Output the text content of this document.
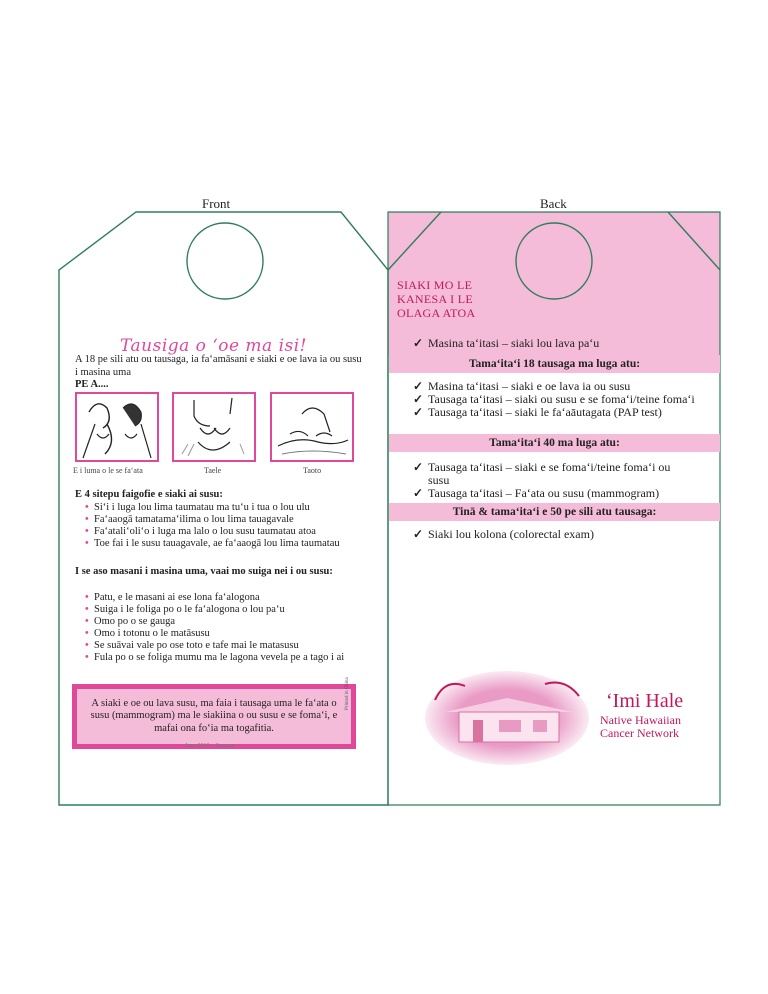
Front	Back
Tausiga o ‘oe ma isi!
A 18 pe sili atu ou tausaga, ia fa‘amāsani e siaki e oe lava ia ou susu i masina uma
PE A....
E i luma o le se fa‘ata	Taele	Taoto
E 4 sitepu faigofie e siaki ai susu:
• Si‘i i luga lou lima taumatau ma tu‘u i tua o lou ulu
• Fa‘aaogā tamatama‘ilima o lou lima tauagavale
• Fa‘atali‘oli‘o i luga ma lalo o lou susu taumatau atoa
• Toe fai i le susu tauagavale, ae fa‘aaogā lou lima taumatau
I se aso masani i masina uma, vaai mo suiga nei i ou susu:
• Patu, e le masani ai ese lona fa‘alogona
• Suiga i le foliga po o le fa‘alogona o lou pa‘u
• Omo po o se gauga
• Omo i totonu o le matāsusu
• Se suāvai vale po ose toto e tafe mai le matasusu
• Fula po o se foliga mumu ma le lagona vevela pe a tago i ai
A siaki e oe ou lava susu, ma faia i tausaga uma le fa‘ata o susu (mammogram) ma le siakiina o ou susu e se foma‘i, e mafai ona fo‘ia ma togafitia.
June 2010 – Samoan
Printed in China
SIAKI MO LE KANESA I LE OLAGA ATOA
✓ Masina ta‘itasi – siaki lou lava pa‘u
Tama‘ita‘i 18 tausaga ma luga atu:
✓ Masina ta‘itasi – siaki e oe lava ia ou susu
✓ Tausaga ta‘itasi – siaki ou susu e se foma‘i/teine foma‘i
✓ Tausaga ta‘itasi – siaki le fa‘aāutagata (PAP test)
Tama‘ita‘i 40 ma luga atu:
✓ Tausaga ta‘itasi – siaki e se foma‘i/teine foma‘i ou susu
✓ Tausaga ta‘itasi – Fa‘ata ou susu (mammogram)
Tinā & tama‘ita‘i e 50 pe sili atu tausaga:
✓ Siaki lou kolona (colorectal exam)
‘Imi Hale
Native Hawaiian
Cancer Network
